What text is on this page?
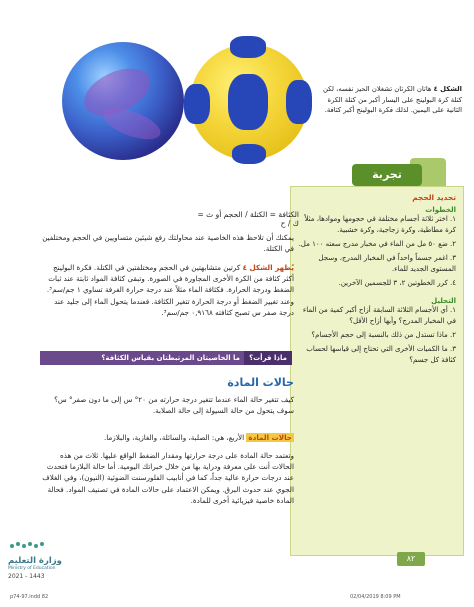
الشكل ٤ هاتان الكرتان تشغلان الحيز نفسه، لكن كتلة كرة البولينج على اليسار أكبر من كتلة الكرة الثانية على اليمين. لذلك فكرة البولينج أكبر كثافة.
تجربة
تحديد الحجم
الخطوات
١. اختر ثلاثة أجسام مختلفة في حجومها وموادها، مثلاً كرة مطاطية، وكرة زجاجية، وكرة خشبية.
٢. ضع ٥٠ مل من الماء في مخبار مدرج سعته ١٠٠ مل.
٣. اغمر جسماً واحداً في المخبار المدرج، وسجل المستوى الجديد للماء.
٤. كرر الخطوتين ٢، ٣ للجسمين الآخرين.
التحليل
١. أي الأجسام الثلاثة السابقة أزاح أكبر كمية من الماء في المخبار المدرج؟ وأيها أزاح الأقل؟
٢. ماذا تستدل من ذلك بالنسبة إلى حجم الأجسام؟
٣. ما الكميات الأخرى التي تحتاج إلى قياسها لحساب كثافة كل جسم؟
الكثافة = الكتلة / الحجم أو ث = ك / ح
يمكنك أن تلاحظ هذه الخاصية عند محاولتك رفع شيئين متساويين في الحجم ومختلفين في الكتلة.
يُظهر الشكل ٤ كرتين متشابهتين في الحجم ومختلفتين في الكتلة. فكرة البولينج أكثر كثافة من الكرة الأخرى المجاورة في الصورة. وتبقى كثافة المواد ثابتة عند ثبات الضغط ودرجة الحرارة. فكثافة الماء مثلاً عند درجة حرارة الغرفة تساوي ١ جم/سم³. وعند تغيير الضغط أو درجة الحرارة تتغير الكثافة. فعندما يتحول الماء إلى جليد عند درجة صفر س تصبح كثافته ٠,٩١٦٨ جم/سم³.
ماذا قرأت؟
ما الخاصيتان المرتبطتان بقياس الكثافة؟
حالات المادة
كيف تتغير حالة الماء عندما تتغير درجة حرارته من ٢٠° س إلى ما دون صفر° س؟ سوف يتحول من حالة السيولة إلى حالة الصلابة.
حالات المادة الأربع، هي: الصلبة، والسائلة، والغازية، والبلازما.
وتعتمد حالة المادة على درجة حرارتها ومقدار الضغط الواقع عليها. ثلاث من هذه الحالات أنت على معرفة ودراية بها من خلال خبراتك اليومية. أما حالة البلازما فتحدث عند درجات حرارة عالية جداً، كما في أنابيب الفلورسنت الضوئية (النيون)، وفي الغلاف الجوي عند حدوث البرق. ويمكن الاعتماد على حالات المادة في تصنيف المواد. فحالة المادة خاصية فيزيائية أخرى للمادة.
٨٢
وزارة التعليم
Ministry of Education
2021 - 1443
p74-97.indd 82	02/04/2019 8:09 PM
